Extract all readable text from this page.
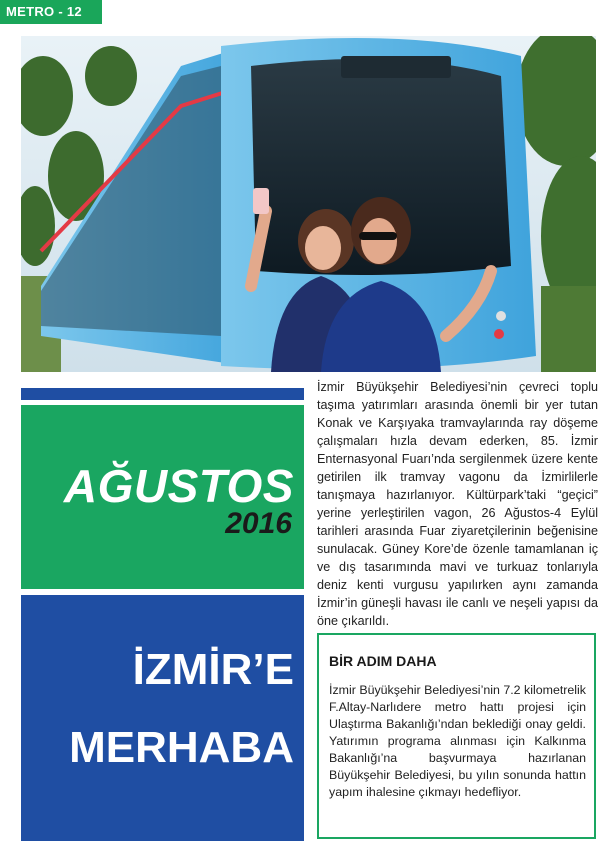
METRO - 12
AĞUSTOS
2016
İZMİR’E
MERHABA
İzmir Büyükşehir Belediyesi’nin çevreci toplu taşıma yatırımları arasında önemli bir yer tutan Konak ve Karşıyaka tramvaylarında ray döşeme çalışmaları hızla devam ederken, 85. İzmir Enternasyonal Fuarı’nda sergilenmek üzere kente getirilen ilk tramvay vagonu da İzmirlilerle tanışmaya hazırlanıyor. Kültürpark’taki “geçici” yerine yerleştirilen vagon, 26 Ağustos-4 Eylül tarihleri arasında Fuar ziyaretçilerinin beğenisine sunulacak. Güney Kore’de özenle tamamlanan iç ve dış tasarımında mavi ve turkuaz tonlarıyla deniz kenti vurgusu yapılırken aynı zamanda İzmir’in güneşli havası ile canlı ve neşeli yapısı da öne çıkarıldı.
BİR ADIM DAHA
İzmir Büyükşehir Belediyesi’nin 7.2 kilometrelik F.Altay-Narlıdere metro hattı projesi için Ulaştırma Bakanlığı’ndan beklediği onay geldi. Yatırımın programa alınması için Kalkınma Bakanlığı’na başvurmaya hazırlanan Büyükşehir Belediyesi, bu yılın sonunda hattın yapım ihalesine çıkmayı hedefliyor.
